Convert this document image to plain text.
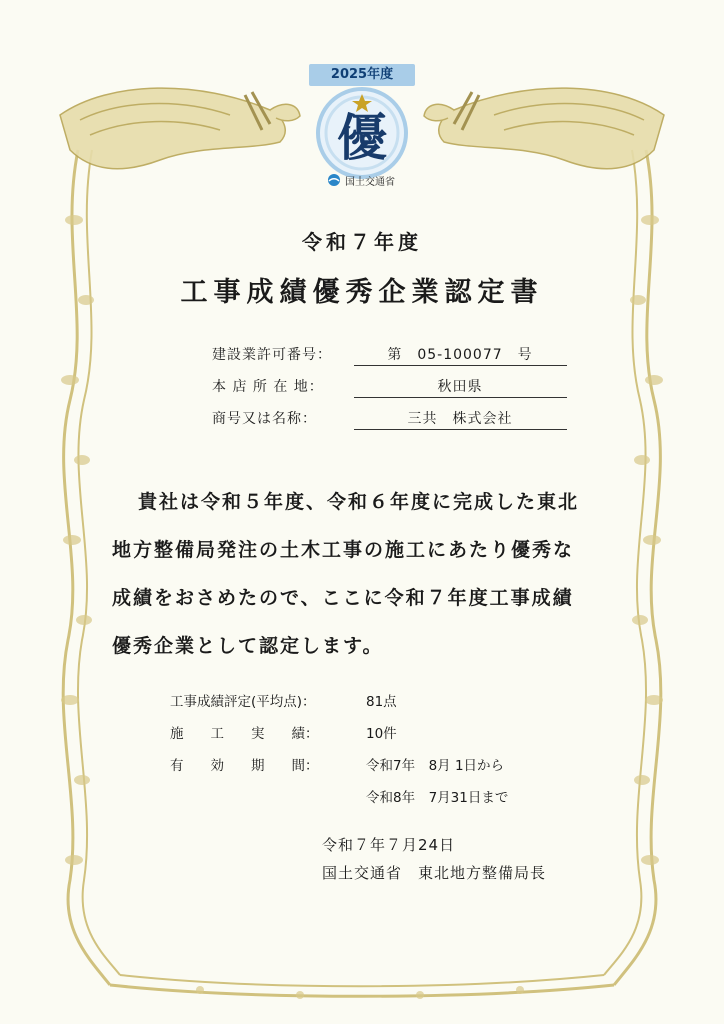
2025年度
優
国土交通省
令和７年度
工事成績優秀企業認定書
建設業許可番号：	第　05-100077　号
本 店 所 在 地：	秋田県
商号又は名称：	三共　株式会社

貴社は令和５年度、令和６年度に完成した東北

地方整備局発注の土木工事の施工にあたり優秀な

成績をおさめたので、ここに令和７年度工事成績

優秀企業として認定します。

工事成績評定(平均点)：	81点
施　　工　　実　　績：	10件
有　　効　　期　　間：	令和7年　8月 1日から
令和8年　7月31日まで
令和７年７月24日
国土交通省　東北地方整備局長
